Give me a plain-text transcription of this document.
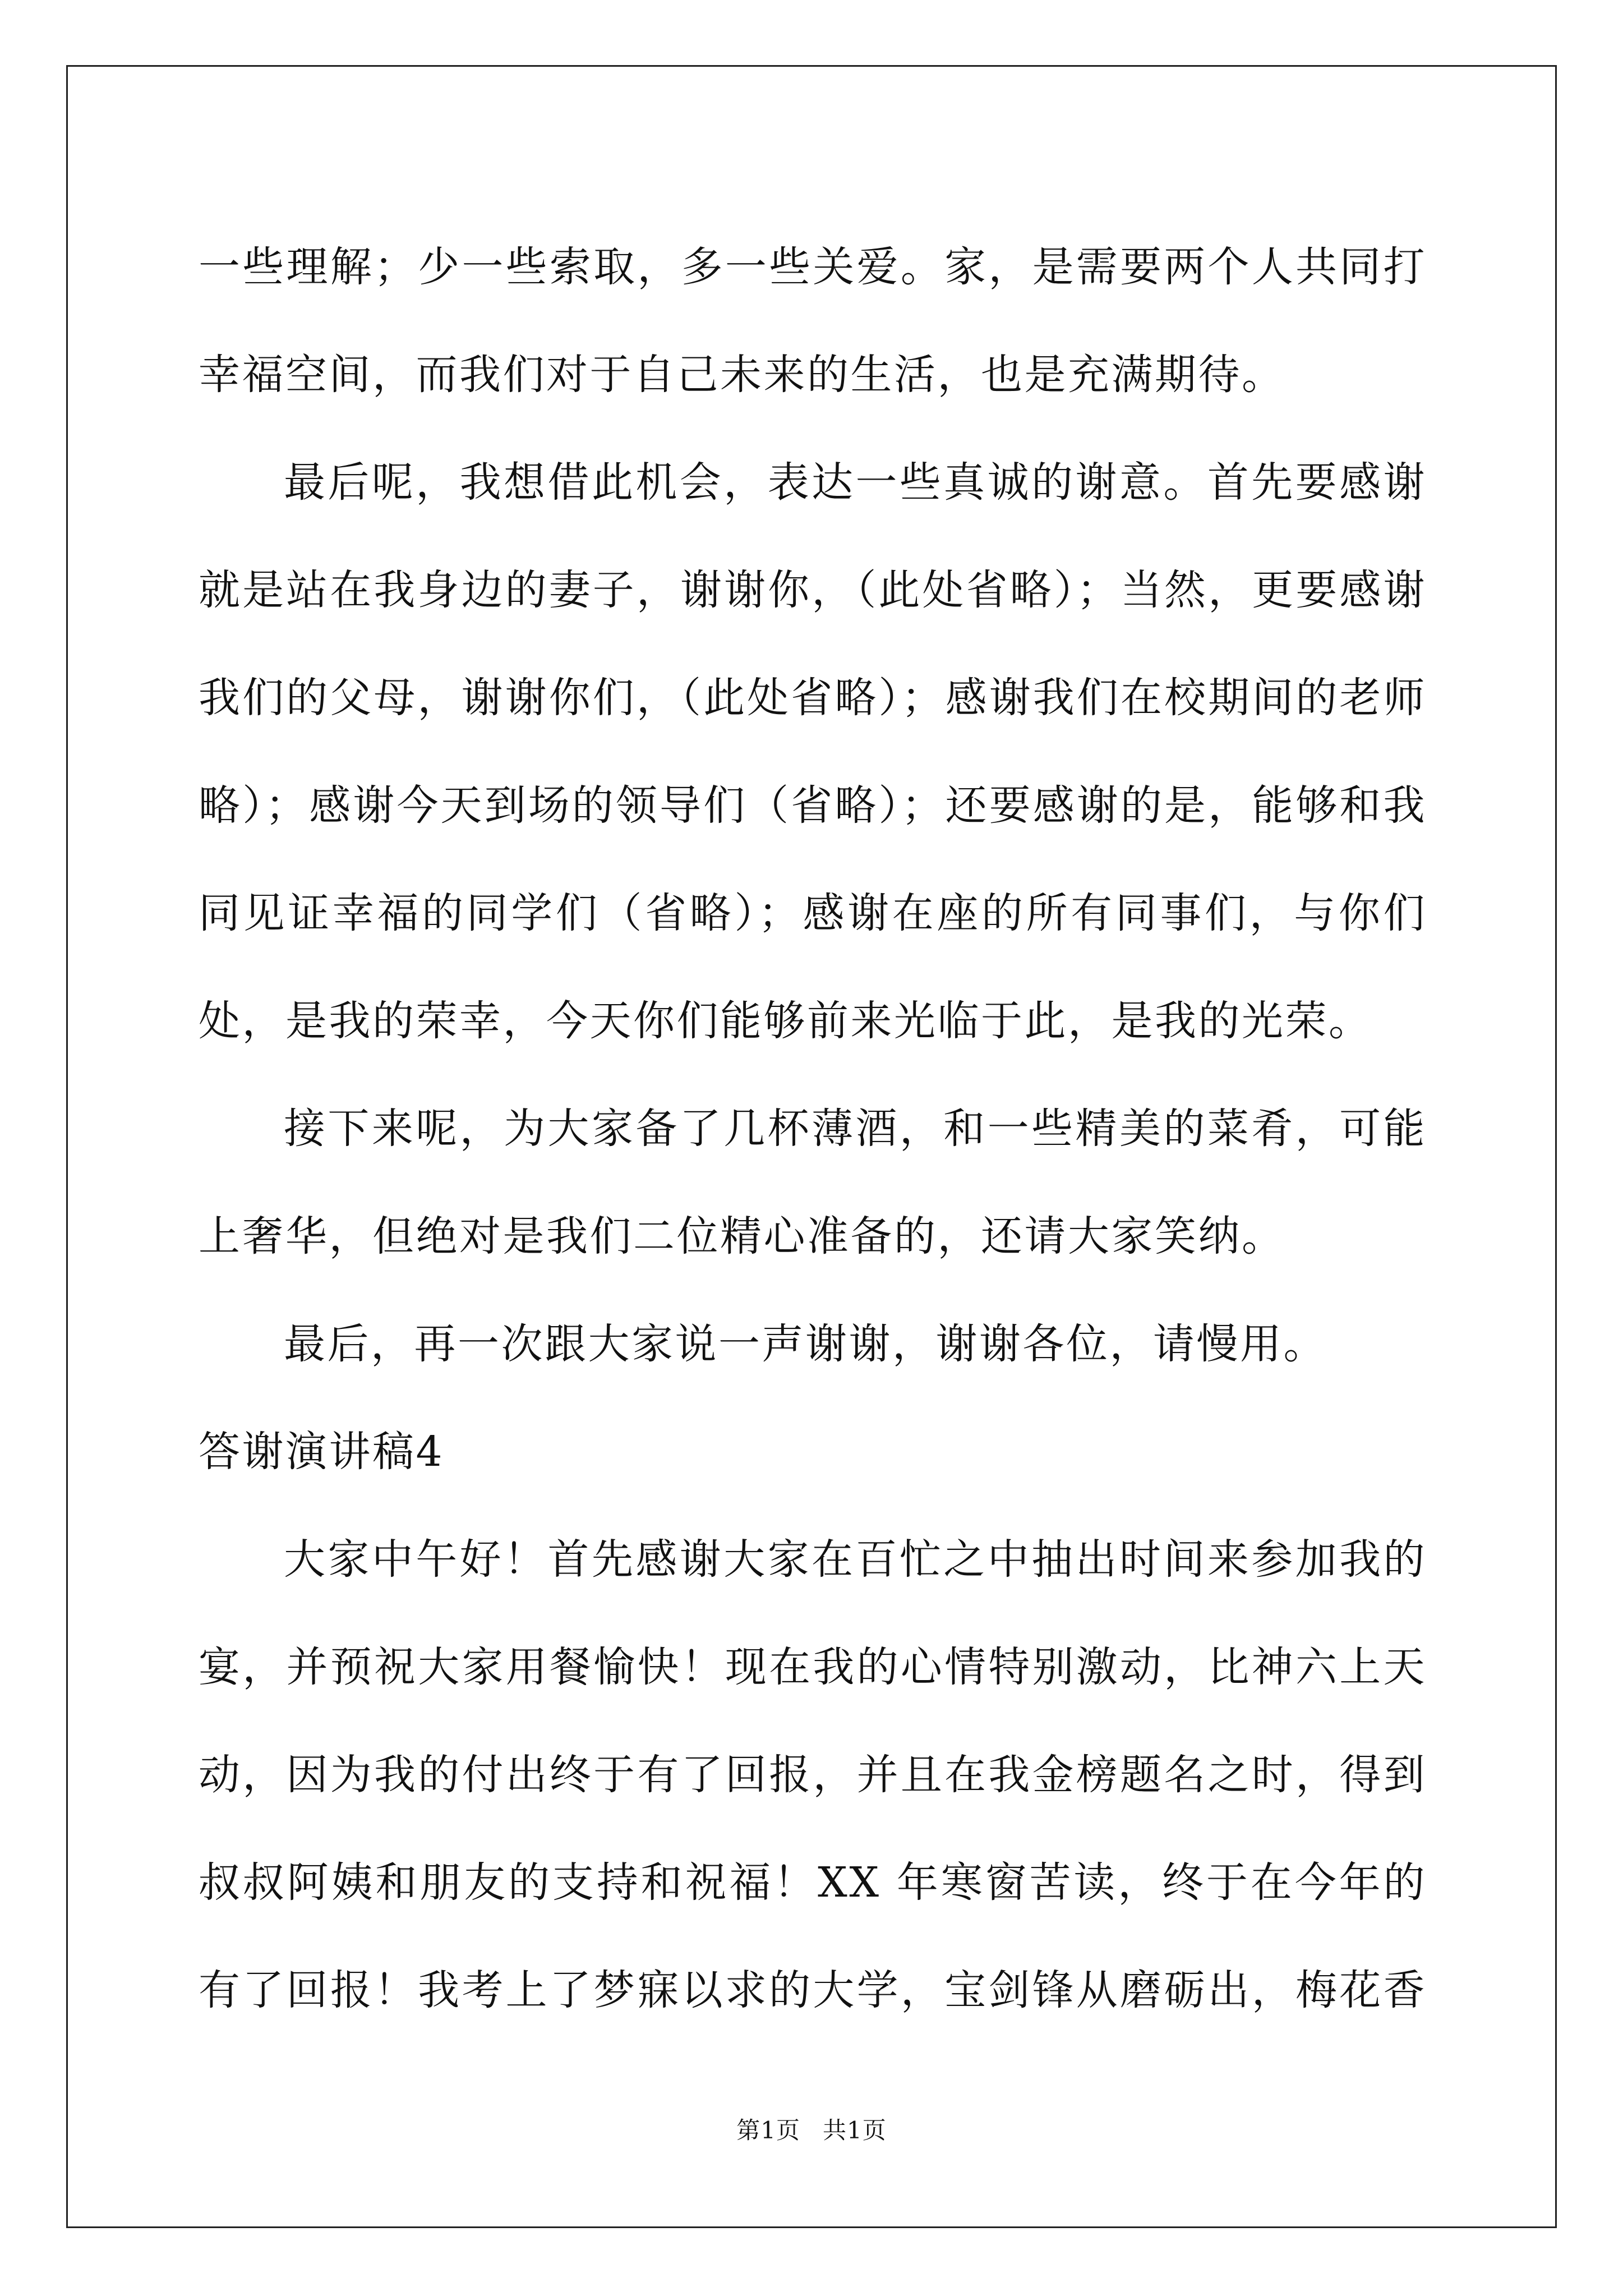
一些理解；少一些索取，多一些关爱。家，是需要两个人共同打
幸福空间，而我们对于自己未来的生活，也是充满期待。
最后呢，我想借此机会，表达一些真诚的谢意。首先要感谢
就是站在我身边的妻子，谢谢你，（此处省略）；当然，更要感谢
我们的父母，谢谢你们，（此处省略）；感谢我们在校期间的老师
略）；感谢今天到场的领导们（省略）；还要感谢的是，能够和我
同见证幸福的同学们（省略）；感谢在座的所有同事们，与你们
处，是我的荣幸，今天你们能够前来光临于此，是我的光荣。
接下来呢，为大家备了几杯薄酒，和一些精美的菜肴，可能
上奢华，但绝对是我们二位精心准备的，还请大家笑纳。
最后，再一次跟大家说一声谢谢，谢谢各位，请慢用。
答谢演讲稿4
大家中午好！首先感谢大家在百忙之中抽出时间来参加我的
宴，并预祝大家用餐愉快！现在我的心情特别激动，比神六上天
动，因为我的付出终于有了回报，并且在我金榜题名之时，得到
叔叔阿姨和朋友的支持和祝福！XX 年寒窗苦读，终于在今年的
有了回报！我考上了梦寐以求的大学，宝剑锋从磨砺出，梅花香
第1页 共1页
